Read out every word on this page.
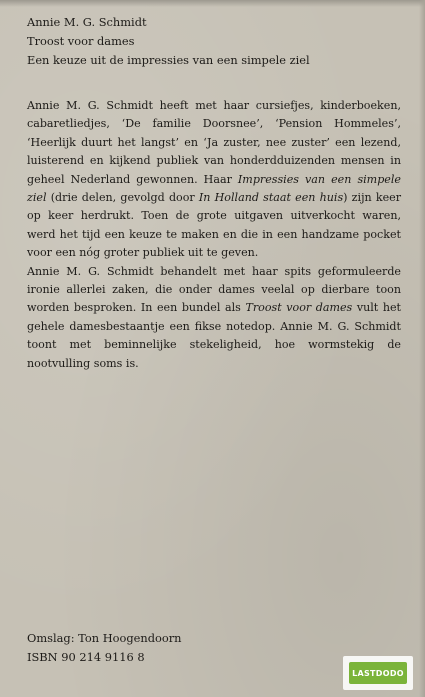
Annie M. G. Schmidt
Troost voor dames
Een keuze uit de impressies van een simpele ziel

Annie M. G. Schmidt heeft met haar cursiefjes, kinderboeken, cabaretliedjes, ‘De familie Doorsnee’, ‘Pension Hommeles’, ‘Heerlijk duurt het langst’ en ‘Ja zuster, nee zuster’ een lezend, luisterend en kijkend publiek van honderdduizenden mensen in geheel Nederland gewonnen. Haar Impressies van een simpele ziel (drie delen, gevolgd door In Holland staat een huis) zijn keer op keer herdrukt. Toen de grote uitgaven uitverkocht waren, werd het tijd een keuze te maken en die in een handzame pocket voor een nóg groter publiek uit te geven.

Annie M. G. Schmidt behandelt met haar spits geformuleerde ironie allerlei zaken, die onder dames veelal op dierbare toon worden besproken. In een bundel als Troost voor dames vult het gehele damesbestaantje een fikse notedop. Annie M. G. Schmidt toont met beminnelijke stekeligheid, hoe wormstekig de nootvulling soms is.

Omslag: Ton Hoogendoorn
ISBN 90 214 9116 8
LASTDODO
